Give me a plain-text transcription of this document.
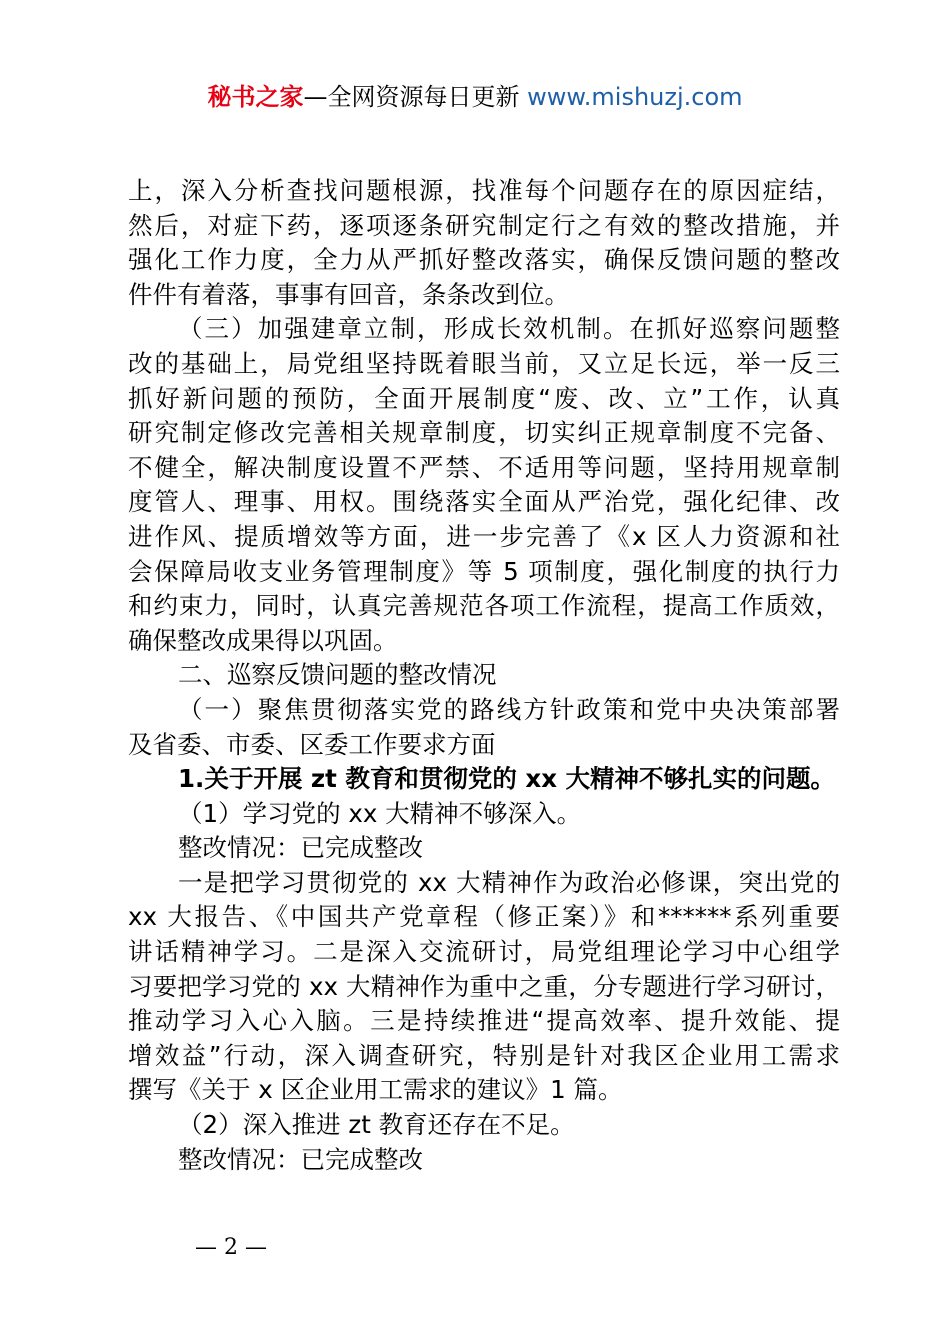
秘书之家—全网资源每日更新 www.mishuzj.com
上，深入分析查找问题根源，找准每个问题存在的原因症结，
然后，对症下药，逐项逐条研究制定行之有效的整改措施，并
强化工作力度，全力从严抓好整改落实，确保反馈问题的整改
件件有着落，事事有回音，条条改到位。
（三）加强建章立制，形成长效机制。在抓好巡察问题整
改的基础上，局党组坚持既着眼当前，又立足长远，举一反三
抓好新问题的预防，全面开展制度“废、改、立”工作，认真
研究制定修改完善相关规章制度，切实纠正规章制度不完备、
不健全，解决制度设置不严禁、不适用等问题，坚持用规章制
度管人、理事、用权。围绕落实全面从严治党，强化纪律、改
进作风、提质增效等方面，进一步完善了《x 区人力资源和社
会保障局收支业务管理制度》等 5 项制度，强化制度的执行力
和约束力，同时，认真完善规范各项工作流程，提高工作质效，
确保整改成果得以巩固。
二、巡察反馈问题的整改情况
（一）聚焦贯彻落实党的路线方针政策和党中央决策部署
及省委、市委、区委工作要求方面
1.关于开展 zt 教育和贯彻党的 xx 大精神不够扎实的问题。
（1）学习党的 xx 大精神不够深入。
整改情况：已完成整改
一是把学习贯彻党的 xx 大精神作为政治必修课，突出党的
xx 大报告、《中国共产党章程（修正案）》和******系列重要
讲话精神学习。二是深入交流研讨，局党组理论学习中心组学
习要把学习党的 xx 大精神作为重中之重，分专题进行学习研讨，
推动学习入心入脑。三是持续推进“提高效率、提升效能、提
增效益”行动，深入调查研究，特别是针对我区企业用工需求
撰写《关于 x 区企业用工需求的建议》1 篇。
（2）深入推进 zt 教育还存在不足。
整改情况：已完成整改
— 2 —
